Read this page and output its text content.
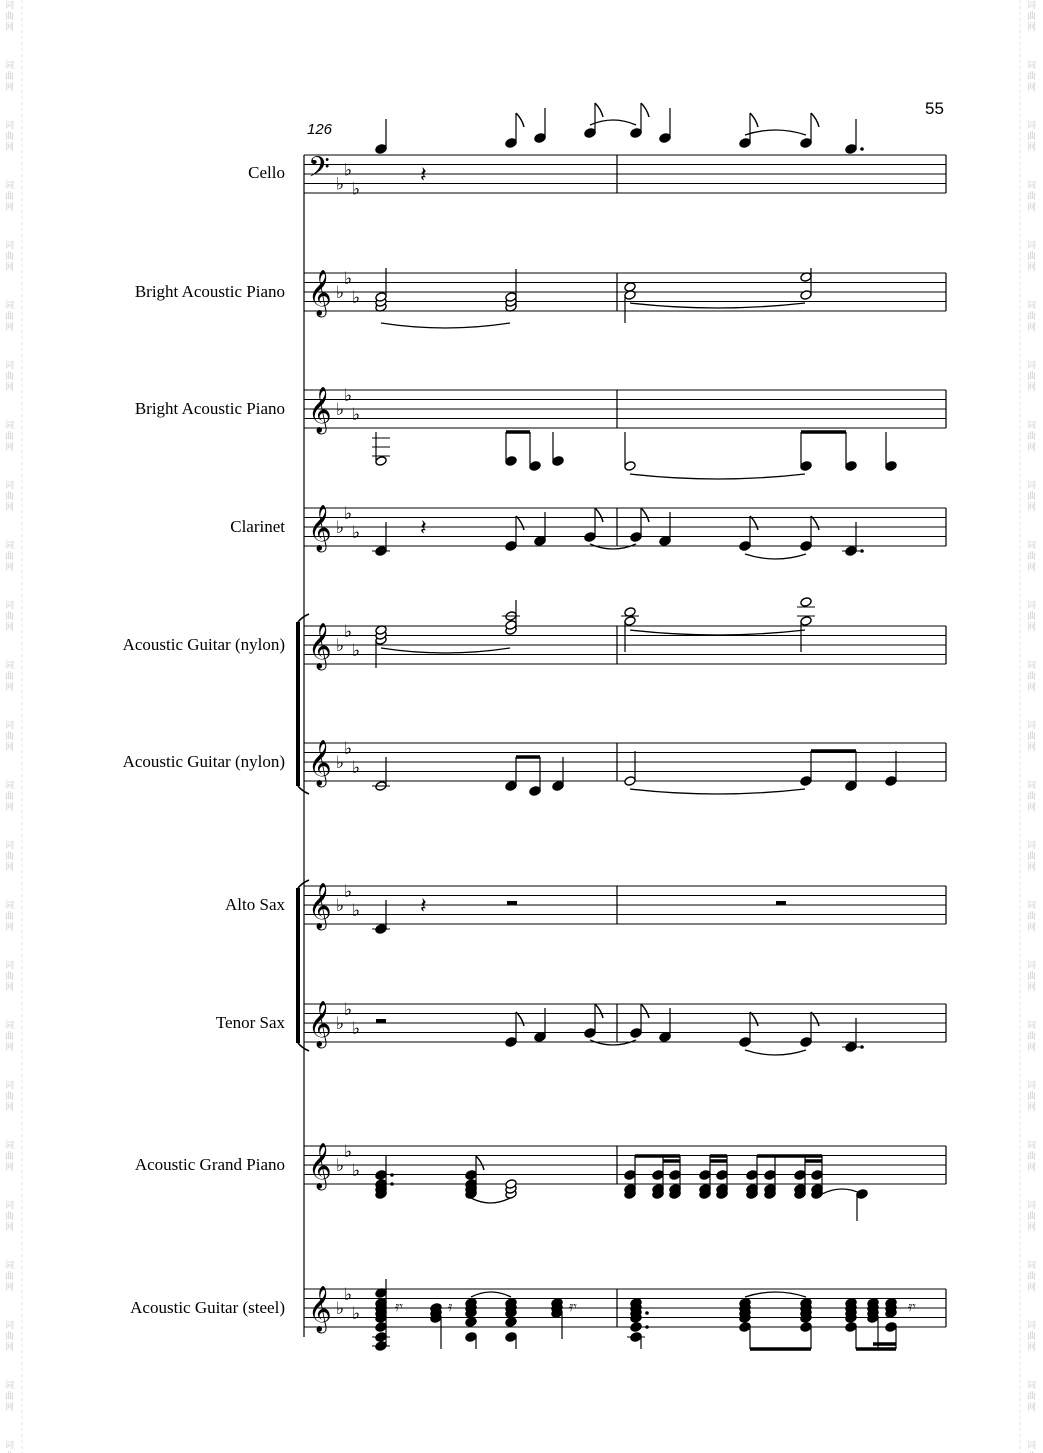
词
曲
网
词
曲
网
词
曲
网
词
曲
网
词
曲
网
词
曲
网
词
曲
网
词
曲
网
词
曲
网
词
曲
网
词
曲
网
词
曲
网
词
曲
网
词
曲
网
词
曲
网
词
曲
网
词
曲
网
词
曲
网
词
曲
网
词
曲
网
词
曲
网
词
曲
网
词
曲
网
词
曲
网
词
词
曲
网
词
曲
网
词
曲
网
词
曲
网
词
曲
网
词
曲
网
词
曲
网
词
曲
网
词
曲
网
词
曲
网
词
曲
网
词
曲
网
词
曲
网
词
曲
网
词
曲
网
词
曲
网
词
曲
网
词
曲
网
词
曲
网
词
曲
网
词
曲
网
词
曲
网
词
曲
网
词
曲
网
词
55
126
𝄢 ♭
♭
♭
𝄞 ♭
♭
♭
𝄞 ♭
♭
♭
𝄞 ♭
♭
♭
𝄞 ♭
♭
♭
𝄞 ♭
♭
♭
𝄞 ♭
♭
♭
𝄞 ♭
♭
♭
𝄞 ♭
♭
♭
𝄞 ♭
♭
♭
Cello
Bright Acoustic Piano
Bright Acoustic Piano
Clarinet
Acoustic Guitar (nylon)
Acoustic Guitar (nylon)
Alto Sax
Tenor Sax
Acoustic Grand Piano
Acoustic Guitar (steel)
𝄽
𝄽
𝄽
𝄿𝄾	𝄿	𝄿𝄾	𝄿𝄾
